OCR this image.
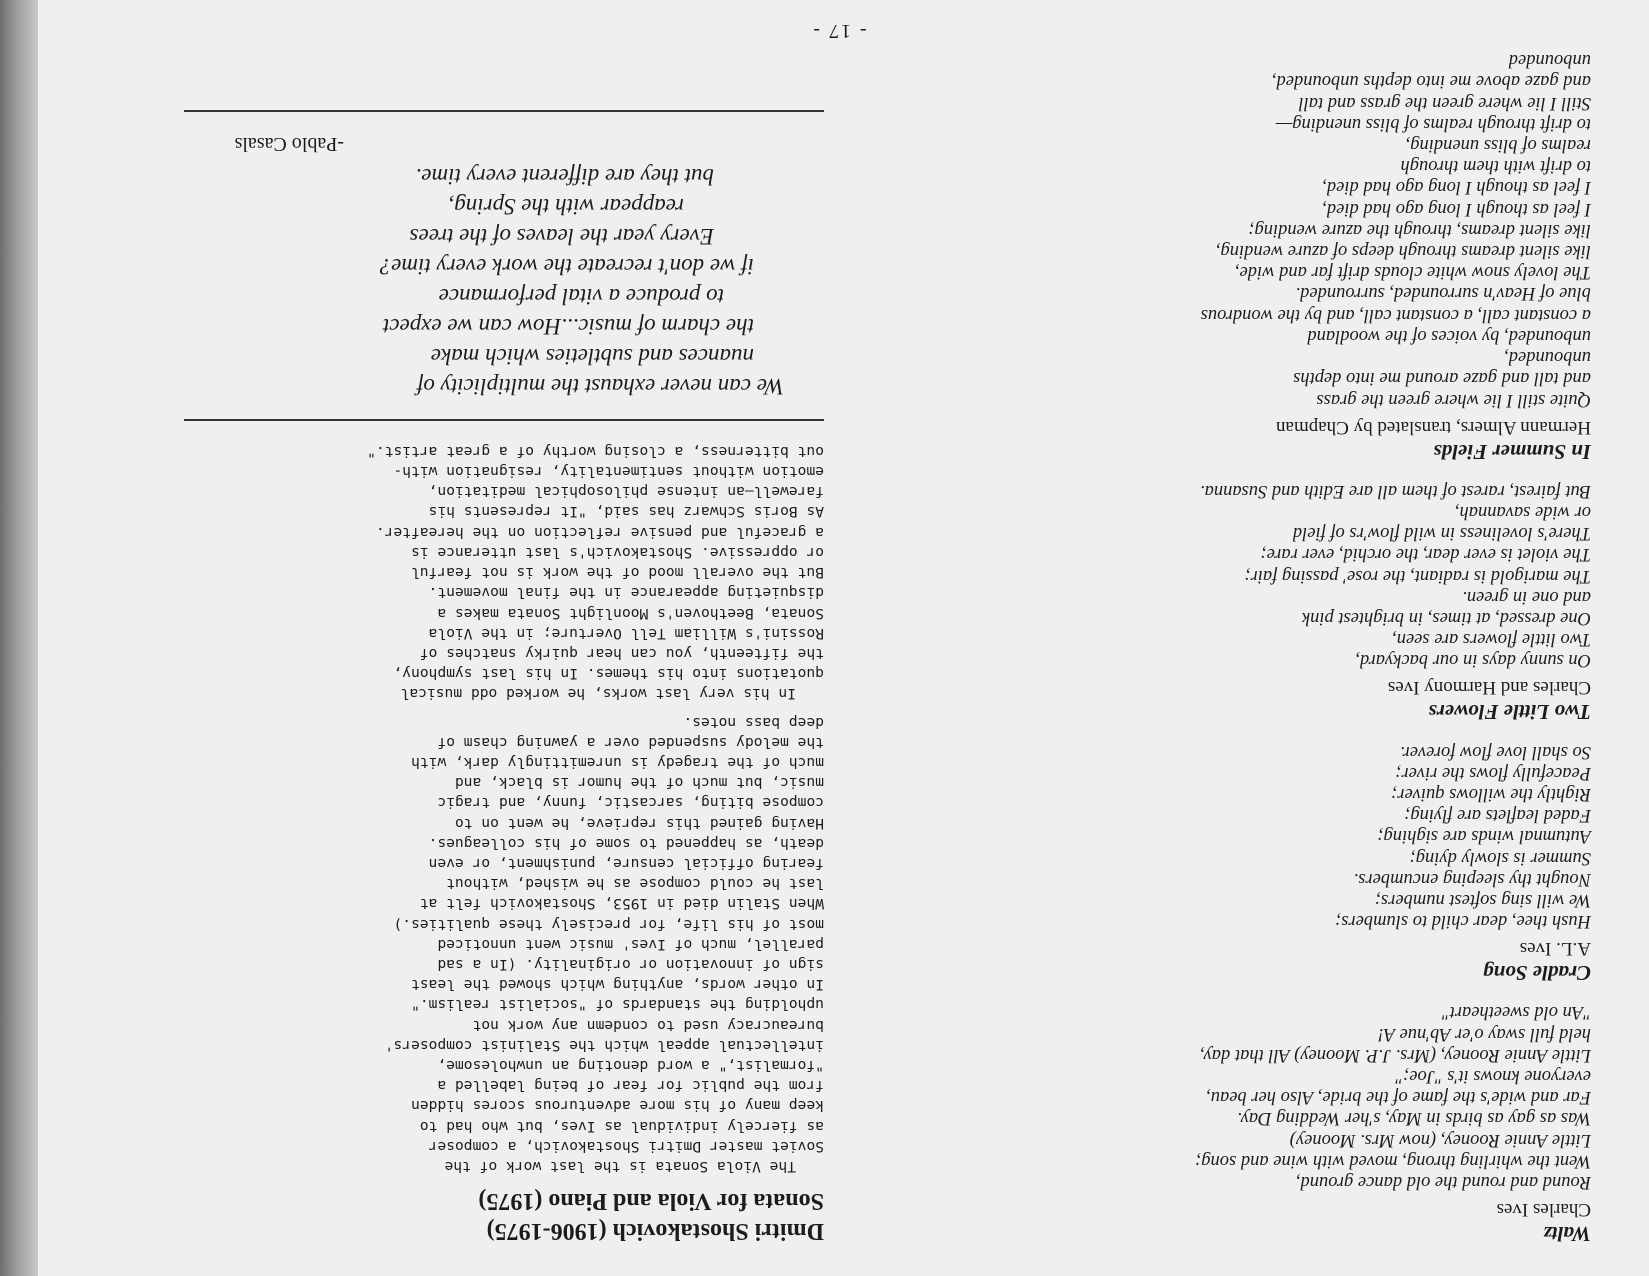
Waltz

Charles Ives

Round and round the old dance ground,
Went the whirling throng, moved with wine and song;
Little Annie Rooney, (now Mrs. Mooney)
Was as gay as birds in May, s'her Wedding Day.
Far and wide's the fame of the bride, Also her beau,
everyone knows it's "Joe;"
Little Annie Rooney, (Mrs. J.P. Mooney) All that day,
held full sway o'er Ab'nue A!
"An old sweetheart"

Cradle Song

A.L. Ives

Hush thee, dear child to slumbers;
We will sing softest numbers;
Nought thy sleeping encumbers.
Summer is slowly dying;
Autumnal winds are sighing;
Faded leaflets are flying;
Rightly the willows quiver;
Peacefully flows the river;
So shall love flow forever.

Two Little Flowers

Charles and Harmony Ives

On sunny days in our backyard,
Two little flowers are seen,
One dressed, at times, in brightest pink
and one in green.
The marigold is radiant, the rose' passing fair;
The violet is ever dear, the orchid, ever rare;
There's loveliness in wild flow'rs of field
or wide savannah,
But fairest, rarest of them all are Edith and Susanna.

In Summer Fields

Hermann Almers, translated by Chapman

Quite still I lie where green the grass
and tall and gaze around me into depths
unbounded,
unbounded, by voices of the woodland
a constant call, a constant call, and by the wondrous
blue of Heav'n surrounded, surrounded.
The lovely snow white clouds drift far and wide,
like silent dreams through deeps of azure wending,
like silent dreams, through the azure wending;
I feel as though I long ago had died,
I feel as though I long ago had died,
to drift with them through
realms of bliss unending,
to drift through realms of bliss unending—
Still I lie where green the grass and tall
and gaze above me into depths unbounded,
unbounded

Dmitri Shostakovich (1906-1975)

Sonata for Viola and Piano (1975)

The Viola Sonata is the last work of the
Soviet master Dmitri Shostakovich, a composer
as fiercely individual as Ives, but who had to
keep many of his more adventurous scores hidden
from the public for fear of being labelled a
"formalist," a word denoting an unwholesome,
intellectual appeal which the Stalinist composers'
bureaucracy used to condemn any work not
upholding the standards of "socialist realism."
In other words, anything which showed the least
sign of innovation or originality. (In a sad
parallel, much of Ives' music went unnoticed
most of his life, for precisely these qualities.)
When Stalin died in 1953, Shostakovich felt at
last he could compose as he wished, without
fearing official censure, punishment, or even
death, as happened to some of his colleagues.
Having gained this reprieve, he went on to
compose biting, sarcastic, funny, and tragic
music, but much of the humor is black, and
much of the tragedy is unremittingly dark, with
the melody suspended over a yawning chasm of
deep bass notes.
In his very last works, he worked odd musical
quotations into his themes. In his last symphony,
the fifteenth, you can hear quirky snatches of
Rossini's William Tell Overture; in the Viola
Sonata, Beethoven's Moonlight Sonata makes a
disquieting appearance in the final movement.
But the overall mood of the work is not fearful
or oppressive. Shostakovich's last utterance is
a graceful and pensive reflection on the hereafter.
As Boris Schwarz has said, "It represents his
farewell—an intense philosophical meditation,
emotion without sentimentality, resignation with-
out bitterness, a closing worthy of a great artist."
We can never exhaust the multiplicity of
nuances and subtleties which make
the charm of music...How can we expect
to produce a vital performance
if we don't recreate the work every time?
Every year the leaves of the trees
reappear with the Spring,
but they are different every time.
-Pablo Casals
- 17 -
